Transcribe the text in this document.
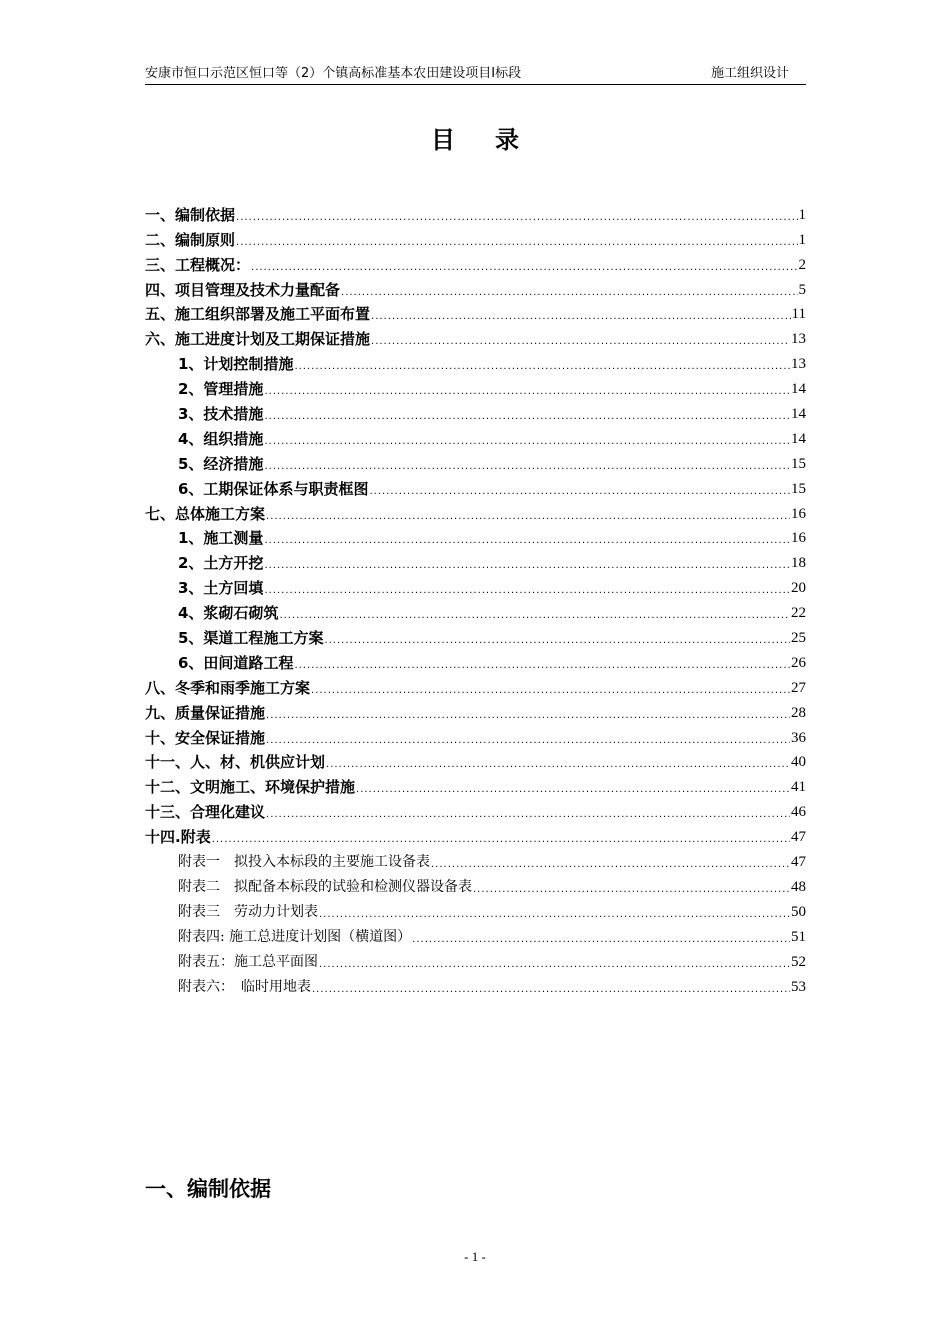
安康市恒口示范区恒口等（2）个镇高标准基本农田建设项目Ⅰ标段	施工组织设计
目录
一、编制依据 .....	1
二、编制原则 .....	1
三、工程概况： .....	2
四、项目管理及技术力量配备 .....	5
五、施工组织部署及施工平面布置 .....	11
六、施工进度计划及工期保证措施 .....	13
1、计划控制措施 .....	13
2、管理措施 .....	14
3、技术措施 .....	14
4、组织措施 .....	14
5、经济措施 .....	15
6、工期保证体系与职责框图 .....	15
七、总体施工方案 .....	16
1、施工测量 .....	16
2、土方开挖 .....	18
3、土方回填 .....	20
4、浆砌石砌筑 .....	22
5、渠道工程施工方案 .....	25
6、田间道路工程 .....	26
八、冬季和雨季施工方案 .....	27
九、质量保证措施 .....	28
十、安全保证措施 .....	36
十一、人、材、机供应计划 .....	40
十二、文明施工、环境保护措施 .....	41
十三、合理化建议 .....	46
十四.附表 .....	47
附表一　拟投入本标段的主要施工设备表 .....	47
附表二　拟配备本标段的试验和检测仪器设备表 .....	48
附表三　劳动力计划表 .....	50
附表四: 施工总进度计划图（横道图） .....	51
附表五：施工总平面图 .....	52
附表六：　临时用地表 .....	53
一、编制依据
- 1 -
